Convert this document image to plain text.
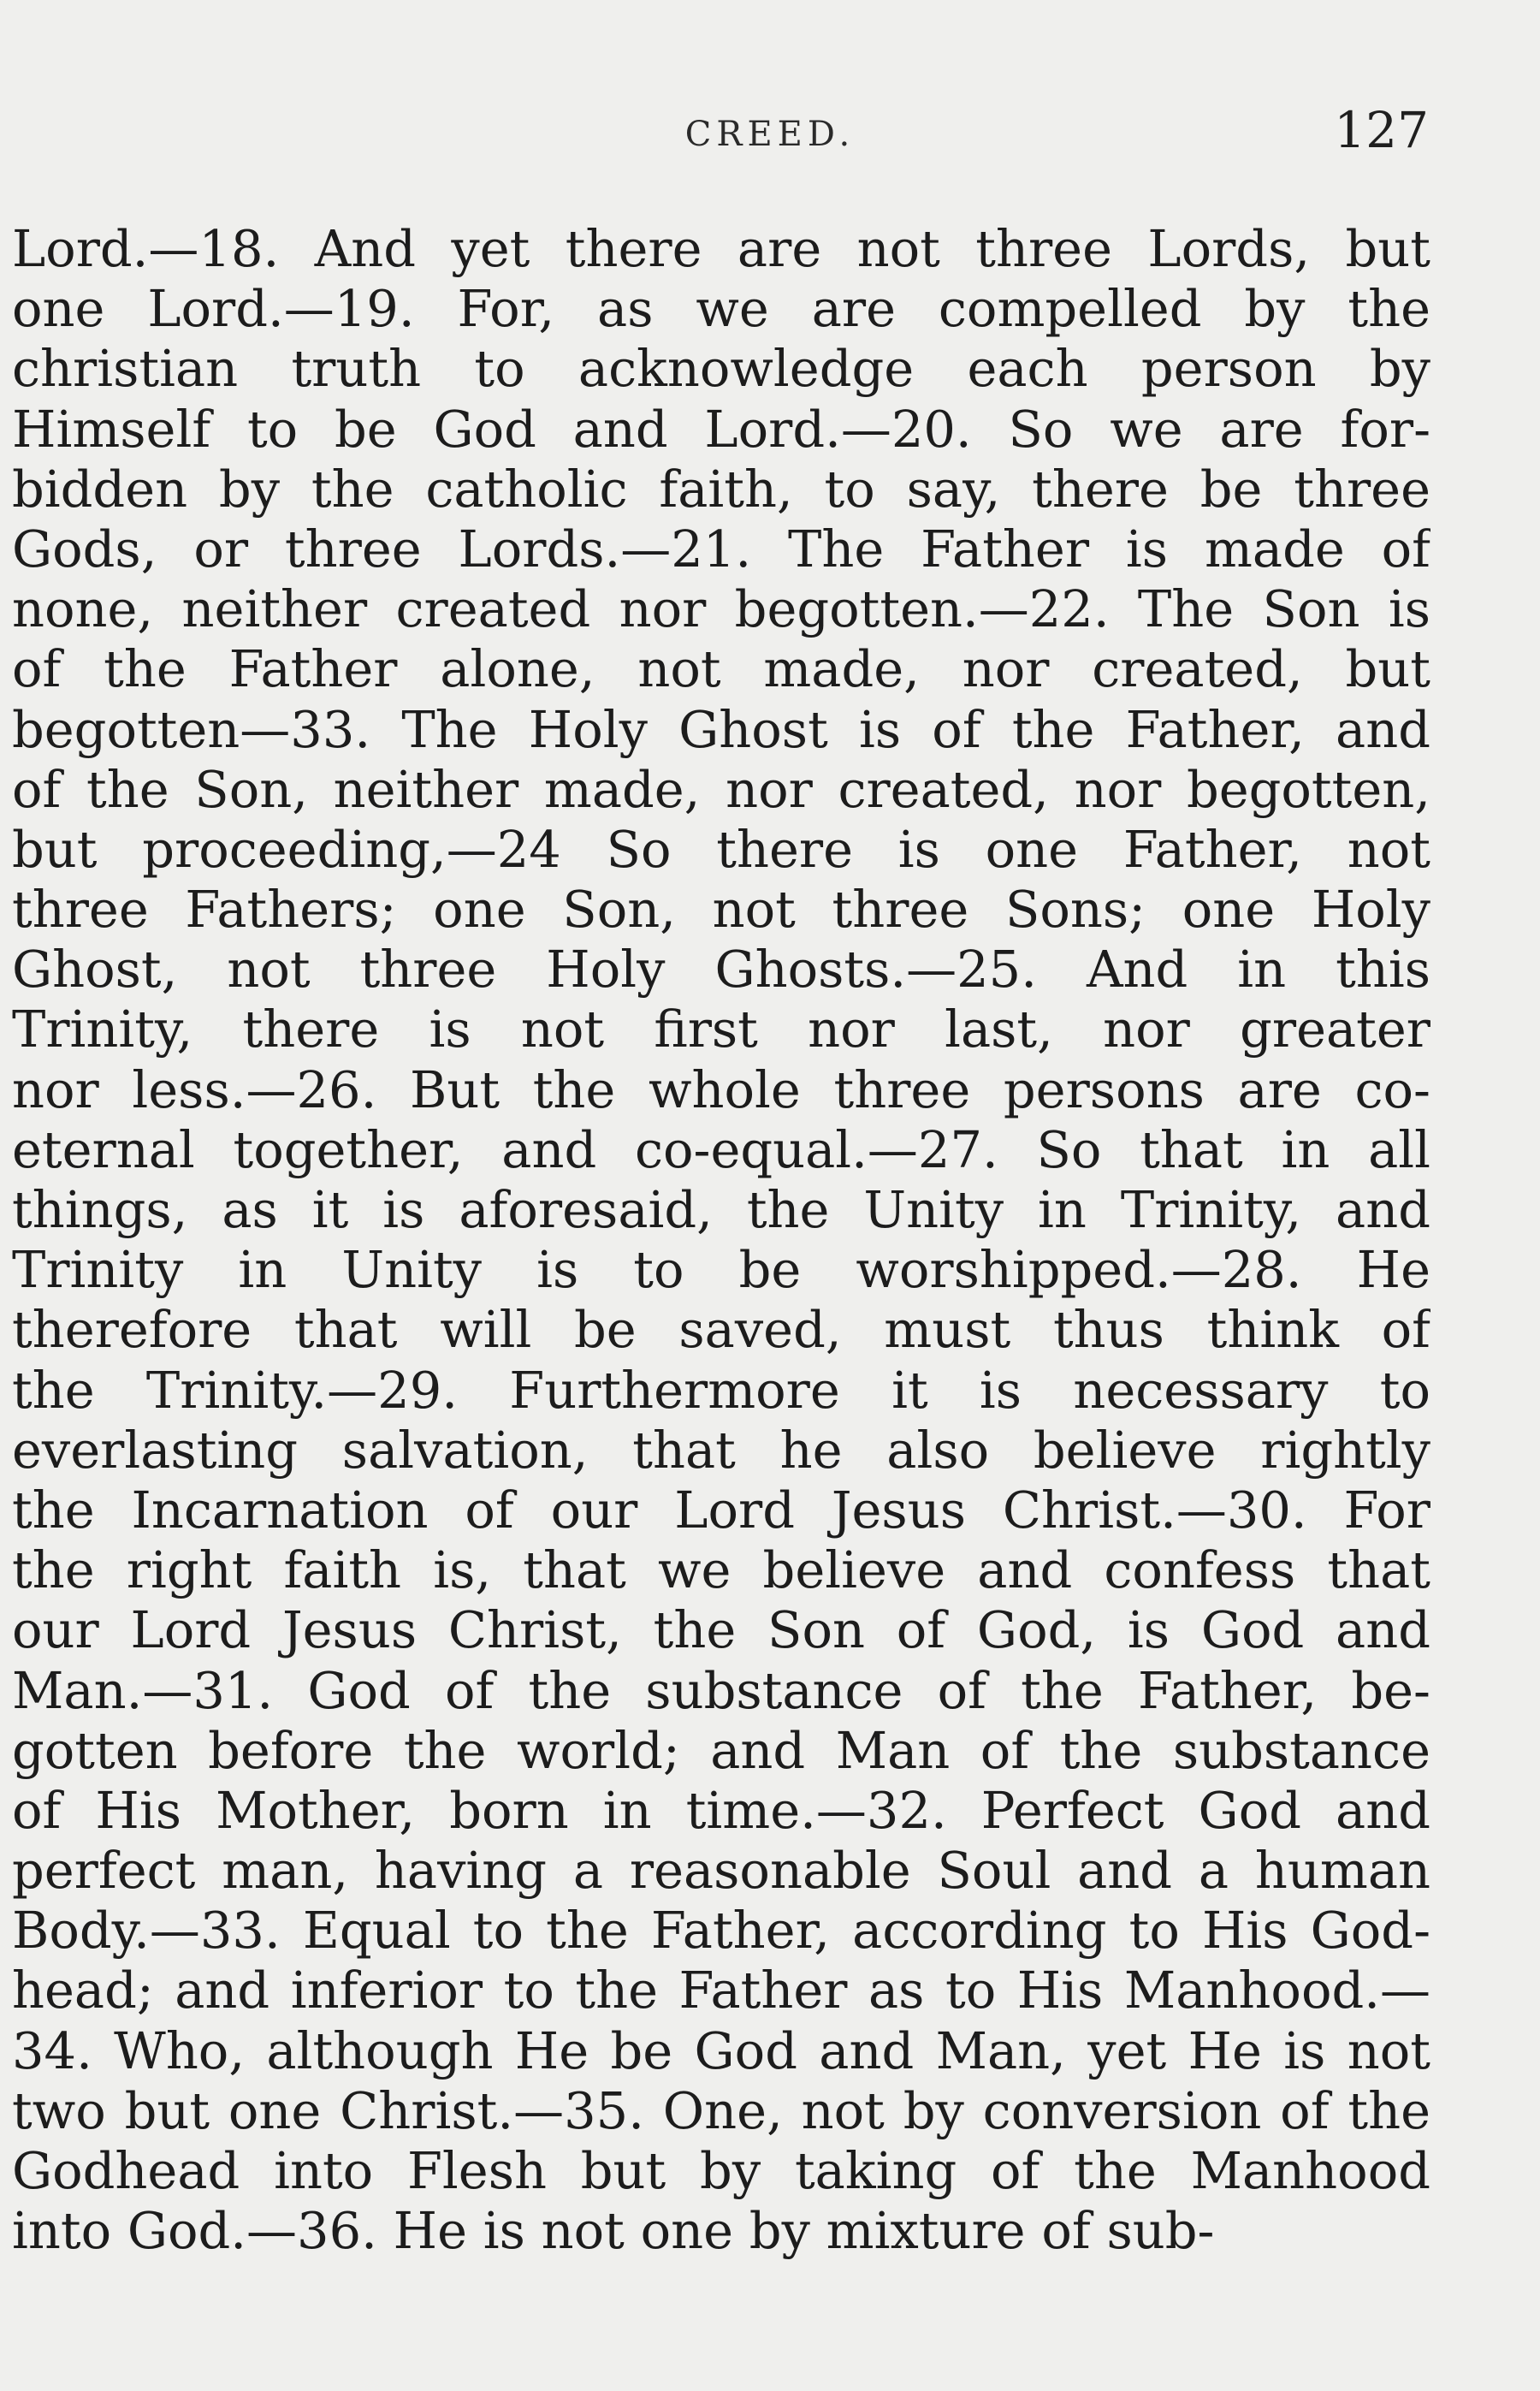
CREED.	127
Lord.—18. And yet there are not three Lords, but
one Lord.—19. For, as we are compelled by the
christian truth to acknowledge each person by
Himself to be God and Lord.—20. So we are for-
bidden by the catholic faith, to say, there be three
Gods, or three Lords.—21. The Father is made of
none, neither created nor begotten.—22. The Son is
of the Father alone, not made, nor created, but
begotten—33. The Holy Ghost is of the Father, and
of the Son, neither made, nor created, nor begotten,
but proceeding,—24 So there is one Father, not
three Fathers; one Son, not three Sons; one Holy
Ghost, not three Holy Ghosts.—25. And in this
Trinity, there is not first nor last, nor greater
nor less.—26. But the whole three persons are co-
eternal together, and co-equal.—27. So that in all
things, as it is aforesaid, the Unity in Trinity, and
Trinity in Unity is to be worshipped.—28. He
therefore that will be saved, must thus think of
the Trinity.—29. Furthermore it is necessary to
everlasting salvation, that he also believe rightly
the Incarnation of our Lord Jesus Christ.—30. For
the right faith is, that we believe and confess that
our Lord Jesus Christ, the Son of God, is God and
Man.—31. God of the substance of the Father, be-
gotten before the world; and Man of the substance
of His Mother, born in time.—32. Perfect God and
perfect man, having a reasonable Soul and a human
Body.—33. Equal to the Father, according to His God-
head; and inferior to the Father as to His Manhood.—
34. Who, although He be God and Man, yet He is not
two but one Christ.—35. One, not by conversion of the
Godhead into Flesh but by taking of the Manhood
into God.—36. He is not one by mixture of sub-
